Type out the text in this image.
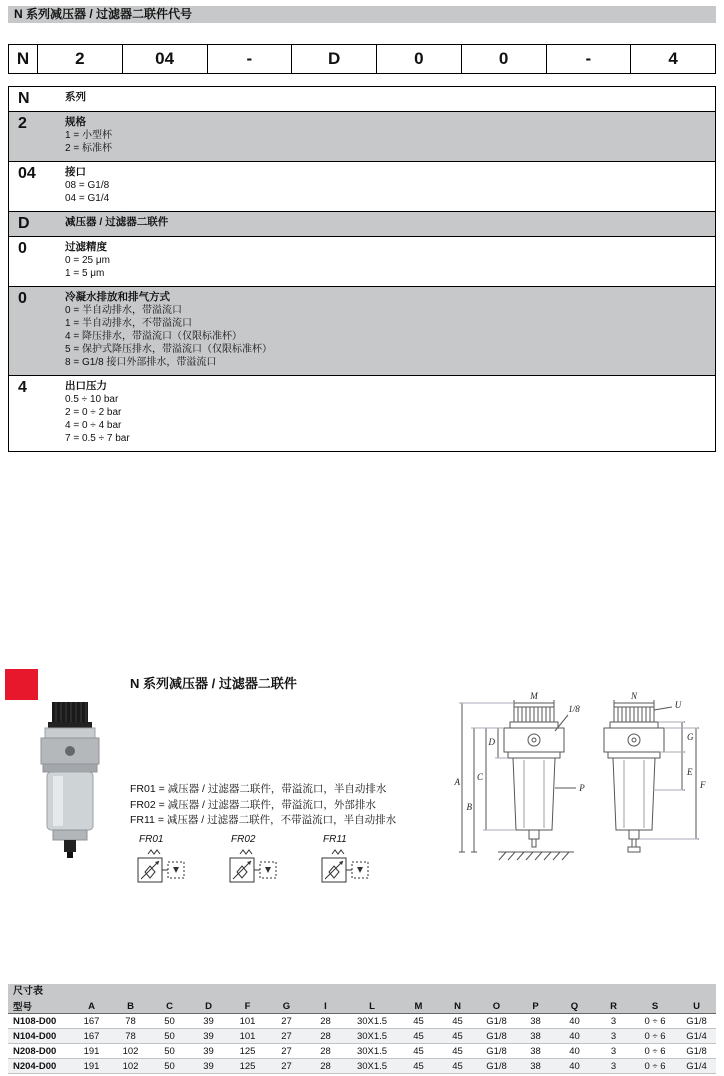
N 系列减压器 / 过滤器二联件代号
N	2	04	-	D	0	0	-	4
N	系列
2	规格
1 = 小型杯
2 = 标准杯
04	接口
08 = G1/8
04 = G1/4
D	减压器 / 过滤器二联件
0	过滤精度
0 = 25 μm
1 = 5 μm
0	冷凝水排放和排气方式
0 = 半自动排水，带溢流口
1 = 半自动排水，不带溢流口
4 = 降压排水，带溢流口（仅限标准杯）
5 = 保护式降压排水，带溢流口（仅限标准杯）
8 = G1/8 接口外部排水，带溢流口
4	出口压力
0.5 ÷ 10 bar
2 = 0 ÷ 2 bar
4 = 0 ÷ 4 bar
7 = 0.5 ÷ 7 bar
N 系列减压器 / 过滤器二联件
FR01 = 减压器 / 过滤器二联件，带溢流口，半自动排水
FR02 = 减压器 / 过滤器二联件，带溢流口，外部排水
FR11 = 减压器 / 过滤器二联件，不带溢流口，半自动排水
FR01	FR02	FR11
M
1/8
D
C
A
B
P
N
U
G
E
F
尺寸表
型号	A	B	C	D	F	G	I	L	M	N	O	P	Q	R	S	U
N108-D00	167	78	50	39	101	27	28	30X1.5	45	45	G1/8	38	40	3	0 ÷ 6	G1/8
N104-D00	167	78	50	39	101	27	28	30X1.5	45	45	G1/8	38	40	3	0 ÷ 6	G1/4
N208-D00	191	102	50	39	125	27	28	30X1.5	45	45	G1/8	38	40	3	0 ÷ 6	G1/8
N204-D00	191	102	50	39	125	27	28	30X1.5	45	45	G1/8	38	40	3	0 ÷ 6	G1/4
